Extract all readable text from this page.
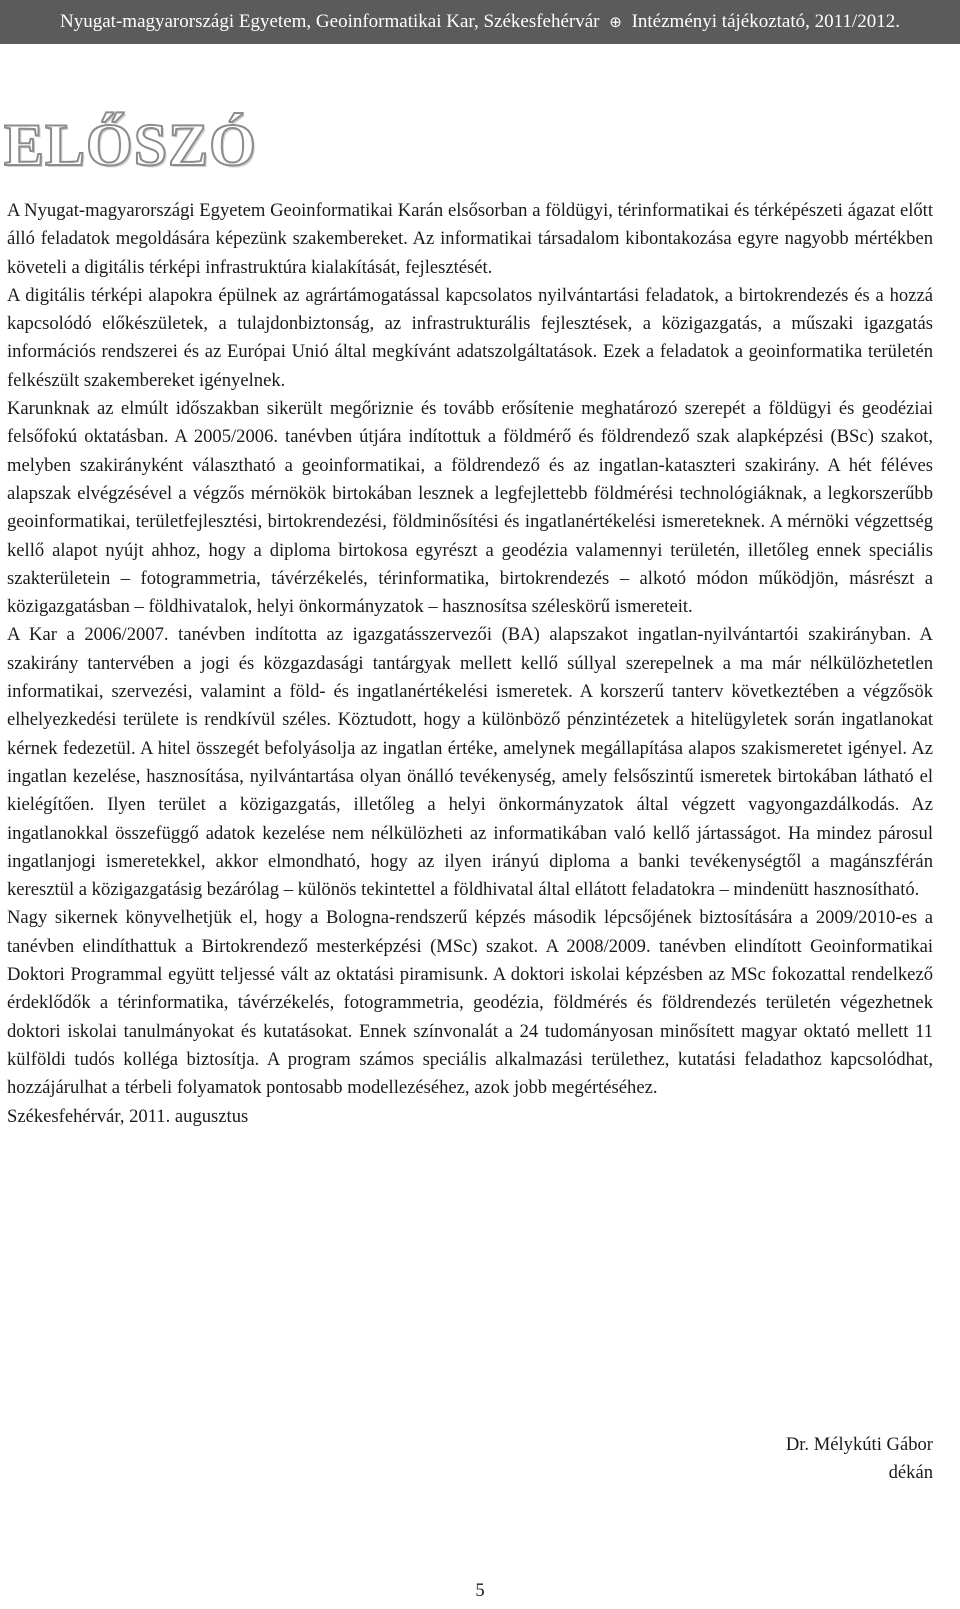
Nyugat-magyarországi Egyetem, Geoinformatikai Kar, Székesfehérvár ⊕ Intézményi tájékoztató, 2011/2012.
ELŐSZÓ

A Nyugat-magyarországi Egyetem Geoinformatikai Karán elsősorban a földügyi, térinformatikai és térképészeti ágazat előtt álló feladatok megoldására képezünk szakembereket. Az informatikai társadalom kibontakozása egyre nagyobb mértékben követeli a digitális térképi infrastruktúra kialakítását, fejlesztését.

A digitális térképi alapokra épülnek az agrártámogatással kapcsolatos nyilvántartási feladatok, a birtokrendezés és a hozzá kapcsolódó előkészületek, a tulajdonbiztonság, az infrastrukturális fejlesztések, a közigazgatás, a műszaki igazgatás információs rendszerei és az Európai Unió által megkívánt adatszolgáltatások. Ezek a feladatok a geoinformatika területén felkészült szakembereket igényelnek.

Karunknak az elmúlt időszakban sikerült megőriznie és tovább erősítenie meghatározó szerepét a földügyi és geodéziai felsőfokú oktatásban. A 2005/2006. tanévben útjára indítottuk a földmérő és földrendező szak alapképzési (BSc) szakot, melyben szakirányként választható a geoinformatikai, a földrendező és az ingatlan-kataszteri szakirány. A hét féléves alapszak elvégzésével a végzős mérnökök birtokában lesznek a legfejlettebb földmérési technológiáknak, a legkorszerűbb geoinformatikai, területfejlesztési, birtokrendezési, földminősítési és ingatlanértékelési ismereteknek. A mérnöki végzettség kellő alapot nyújt ahhoz, hogy a diploma birtokosa egyrészt a geodézia valamennyi területén, illetőleg ennek speciális szakterületein – fotogrammetria, távérzékelés, térinformatika, birtokrendezés – alkotó módon működjön, másrészt a közigazgatásban – földhivatalok, helyi önkormányzatok – hasznosítsa széleskörű ismereteit.

A Kar a 2006/2007. tanévben indította az igazgatásszervezői (BA) alapszakot ingatlan-nyilvántartói szakirányban. A szakirány tantervében a jogi és közgazdasági tantárgyak mellett kellő súllyal szerepelnek a ma már nélkülözhetetlen informatikai, szervezési, valamint a föld- és ingatlanértékelési ismeretek. A korszerű tanterv következtében a végzősök elhelyezkedési területe is rendkívül széles. Köztudott, hogy a különböző pénzintézetek a hitelügyletek során ingatlanokat kérnek fedezetül. A hitel összegét befolyásolja az ingatlan értéke, amelynek megállapítása alapos szakismeretet igényel. Az ingatlan kezelése, hasznosítása, nyilvántartása olyan önálló tevékenység, amely felsőszintű ismeretek birtokában látható el kielégítően. Ilyen terület a közigazgatás, illetőleg a helyi önkormányzatok által végzett vagyongazdálkodás. Az ingatlanokkal összefüggő adatok kezelése nem nélkülözheti az informatikában való kellő jártasságot. Ha mindez párosul ingatlanjogi ismeretekkel, akkor elmondható, hogy az ilyen irányú diploma a banki tevékenységtől a magánszférán keresztül a közigazgatásig bezárólag – különös tekintettel a földhivatal által ellátott feladatokra – mindenütt hasznosítható.

Nagy sikernek könyvelhetjük el, hogy a Bologna-rendszerű képzés második lépcsőjének biztosítására a 2009/2010-es a tanévben elindíthattuk a Birtokrendező mesterképzési (MSc) szakot. A 2008/2009. tanévben elindított Geoinformatikai Doktori Programmal együtt teljessé vált az oktatási piramisunk. A doktori iskolai képzésben az MSc fokozattal rendelkező érdeklődők a térinformatika, távérzékelés, fotogrammetria, geodézia, földmérés és földrendezés területén végezhetnek doktori iskolai tanulmányokat és kutatásokat. Ennek színvonalát a 24 tudományosan minősített magyar oktató mellett 11 külföldi tudós kollégа biztosítja. A program számos speciális alkalmazási területhez, kutatási feladathoz kapcsolódhat, hozzájárulhat a térbeli folyamatok pontosabb modellezéséhez, azok jobb megértéséhez.

Székesfehérvár, 2011. augusztus

Dr. Mélykúti Gábor
dékán
5
